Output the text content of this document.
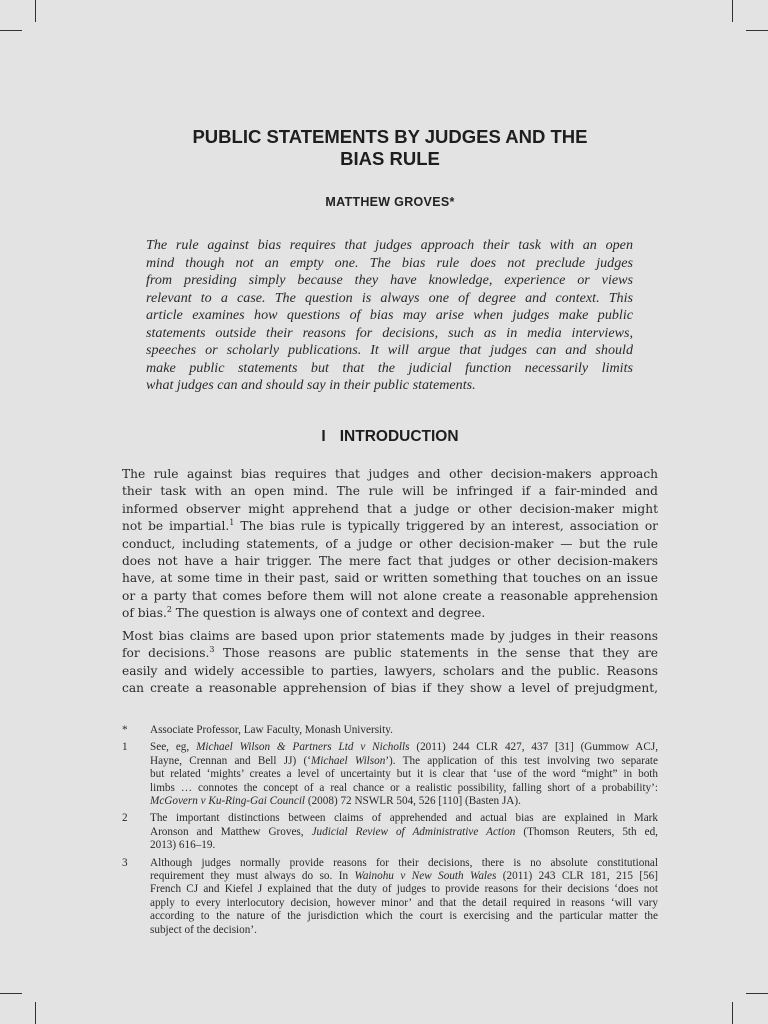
PUBLIC STATEMENTS BY JUDGES AND THE
BIAS RULE
MATTHEW GROVES*
The rule against bias requires that judges approach their task with an open
mind though not an empty one. The bias rule does not preclude judges
from presiding simply because they have knowledge, experience or views
relevant to a case. The question is always one of degree and context. This
article examines how questions of bias may arise when judges make public
statements outside their reasons for decisions, such as in media interviews,
speeches or scholarly publications. It will argue that judges can and should
make public statements but that the judicial function necessarily limits
what judges can and should say in their public statements.
I INTRODUCTION
The rule against bias requires that judges and other decision-makers approach
their task with an open mind. The rule will be infringed if a fair-minded and
informed observer might apprehend that a judge or other decision-maker might
not be impartial.$^1$ The bias rule is typically triggered by an interest, association or
conduct, including statements, of a judge or other decision-maker — but the rule
does not have a hair trigger. The mere fact that judges or other decision-makers
have, at some time in their past, said or written something that touches on an issue
or a party that comes before them will not alone create a reasonable apprehension
of bias.$^2$ The question is always one of context and degree.
Most bias claims are based upon prior statements made by judges in their reasons
for decisions.$^3$ Those reasons are public statements in the sense that they are
easily and widely accessible to parties, lawyers, scholars and the public. Reasons
can create a reasonable apprehension of bias if they show a level of prejudgment,
*	Associate Professor, Law Faculty, Monash University.
1	See, eg, Michael Wilson & Partners Ltd v Nicholls (2011) 244 CLR 427, 437 [31] (Gummow ACJ,
Hayne, Crennan and Bell JJ) (‘Michael Wilson’). The application of this test involving two separate
but related ‘mights’ creates a level of uncertainty but it is clear that ‘use of the word “might” in both
limbs … connotes the concept of a real chance or a realistic possibility, falling short of a probability’:
McGovern v Ku-Ring-Gai Council (2008) 72 NSWLR 504, 526 [110] (Basten JA).
2	The important distinctions between claims of apprehended and actual bias are explained in Mark
Aronson and Matthew Groves, Judicial Review of Administrative Action (Thomson Reuters, 5th ed,
2013) 616–19.
3	Although judges normally provide reasons for their decisions, there is no absolute constitutional
requirement they must always do so. In Wainohu v New South Wales (2011) 243 CLR 181, 215 [56]
French CJ and Kiefel J explained that the duty of judges to provide reasons for their decisions ‘does not
apply to every interlocutory decision, however minor’ and that the detail required in reasons ‘will vary
according to the nature of the jurisdiction which the court is exercising and the particular matter the
subject of the decision’.
